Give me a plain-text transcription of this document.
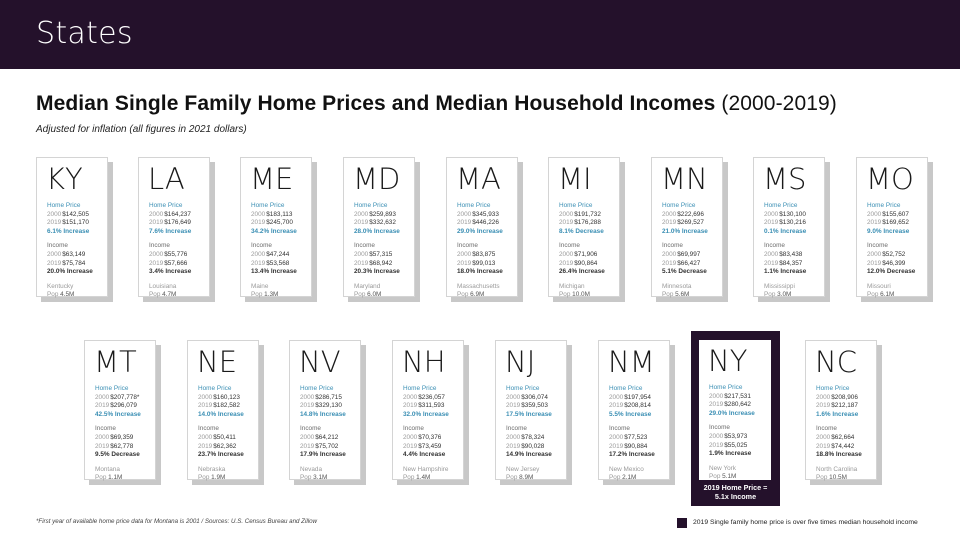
States
Median Single Family Home Prices and Median Household Incomes (2000-2019)
Adjusted for inflation (all figures in 2021 dollars)
KY
Home Price
2000$142,505
2019$151,170
6.1% Increase
Income
2000$63,149
2019$75,784
20.0% Increase
Kentucky
Pop 4.5M
LA
Home Price
2000$164,237
2019$176,649
7.6% Increase
Income
2000$55,776
2019$57,666
3.4% Increase
Louisiana
Pop 4.7M
ME
Home Price
2000$183,113
2019$245,700
34.2% Increase
Income
2000$47,244
2019$53,568
13.4% Increase
Maine
Pop 1.3M
MD
Home Price
2000$259,893
2019$332,632
28.0% Increase
Income
2000$57,315
2019$68,942
20.3% Increase
Maryland
Pop 6.0M
MA
Home Price
2000$345,933
2019$446,226
29.0% Increase
Income
2000$83,875
2019$99,013
18.0% Increase
Massachusetts
Pop 6.9M
MI
Home Price
2000$191,732
2019$176,288
8.1% Decrease
Income
2000$71,906
2019$90,864
26.4% Increase
Michigan
Pop 10.0M
MN
Home Price
2000$222,696
2019$269,527
21.0% Increase
Income
2000$69,997
2019$66,427
5.1% Decrease
Minnesota
Pop 5.6M
MS
Home Price
2000$130,100
2019$130,216
0.1% Increase
Income
2000$83,438
2019$84,357
1.1% Increase
Mississippi
Pop 3.0M
MO
Home Price
2000$155,607
2019$169,652
9.0% Increase
Income
2000$52,752
2019$46,399
12.0% Decrease
Missouri
Pop 6.1M
MT
Home Price
2000$207,778*
2019$296,079
42.5% Increase
Income
2000$69,359
2019$62,778
9.5% Decrease
Montana
Pop 1.1M
NE
Home Price
2000$160,123
2019$182,582
14.0% Increase
Income
2000$50,411
2019$62,362
23.7% Increase
Nebraska
Pop 1.9M
NV
Home Price
2000$286,715
2019$329,130
14.8% Increase
Income
2000$64,212
2019$75,702
17.9% Increase
Nevada
Pop 3.1M
NH
Home Price
2000$236,057
2019$311,593
32.0% Increase
Income
2000$70,376
2019$73,459
4.4% Increase
New Hampshire
Pop 1.4M
NJ
Home Price
2000$306,074
2019$359,503
17.5% Increase
Income
2000$78,324
2019$90,028
14.9% Increase
New Jersey
Pop 8.9M
NM
Home Price
2000$197,954
2019$208,814
5.5% Increase
Income
2000$77,523
2019$90,884
17.2% Increase
New Mexico
Pop 2.1M
NY
Home Price
2000$217,531
2019$280,642
29.0% Increase
Income
2000$53,973
2019$55,025
1.9% Increase
New York
Pop 5.1M
2019 Home Price =
5.1x Income
NC
Home Price
2000$208,906
2019$212,187
1.6% Increase
Income
2000$62,664
2019$74,442
18.8% Increase
North Carolina
Pop 10.5M
*First year of available home price data for Montana is 2001 / Sources: U.S. Census Bureau and Zillow	2019 Single family home price is over five times median household income
